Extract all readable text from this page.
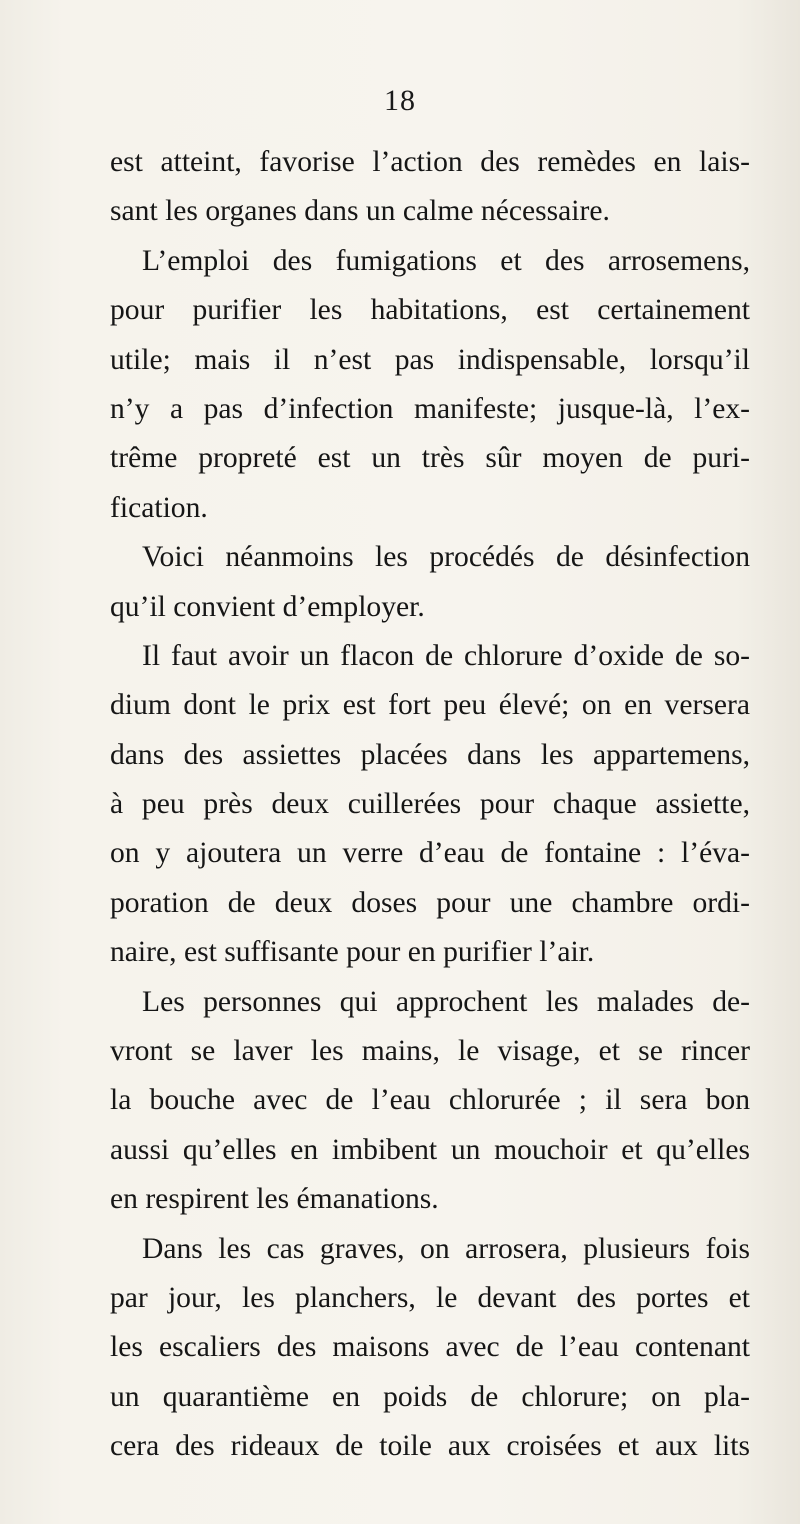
18
est atteint, favorise l’action des remèdes en lais-
sant les organes dans un calme nécessaire.
L’emploi des fumigations et des arrosemens,
pour purifier les habitations, est certainement
utile; mais il n’est pas indispensable, lorsqu’il
n’y a pas d’infection manifeste; jusque-là, l’ex-
trême propreté est un très sûr moyen de puri-
fication.
Voici néanmoins les procédés de désinfection
qu’il convient d’employer.
Il faut avoir un flacon de chlorure d’oxide de so-
dium dont le prix est fort peu élevé; on en versera
dans des assiettes placées dans les appartemens,
à peu près deux cuillerées pour chaque assiette,
on y ajoutera un verre d’eau de fontaine : l’éva-
poration de deux doses pour une chambre ordi-
naire, est suffisante pour en purifier l’air.
Les personnes qui approchent les malades de-
vront se laver les mains, le visage, et se rincer
la bouche avec de l’eau chlorurée ; il sera bon
aussi qu’elles en imbibent un mouchoir et qu’elles
en respirent les émanations.
Dans les cas graves, on arrosera, plusieurs fois
par jour, les planchers, le devant des portes et
les escaliers des maisons avec de l’eau contenant
un quarantième en poids de chlorure; on pla-
cera des rideaux de toile aux croisées et aux lits
